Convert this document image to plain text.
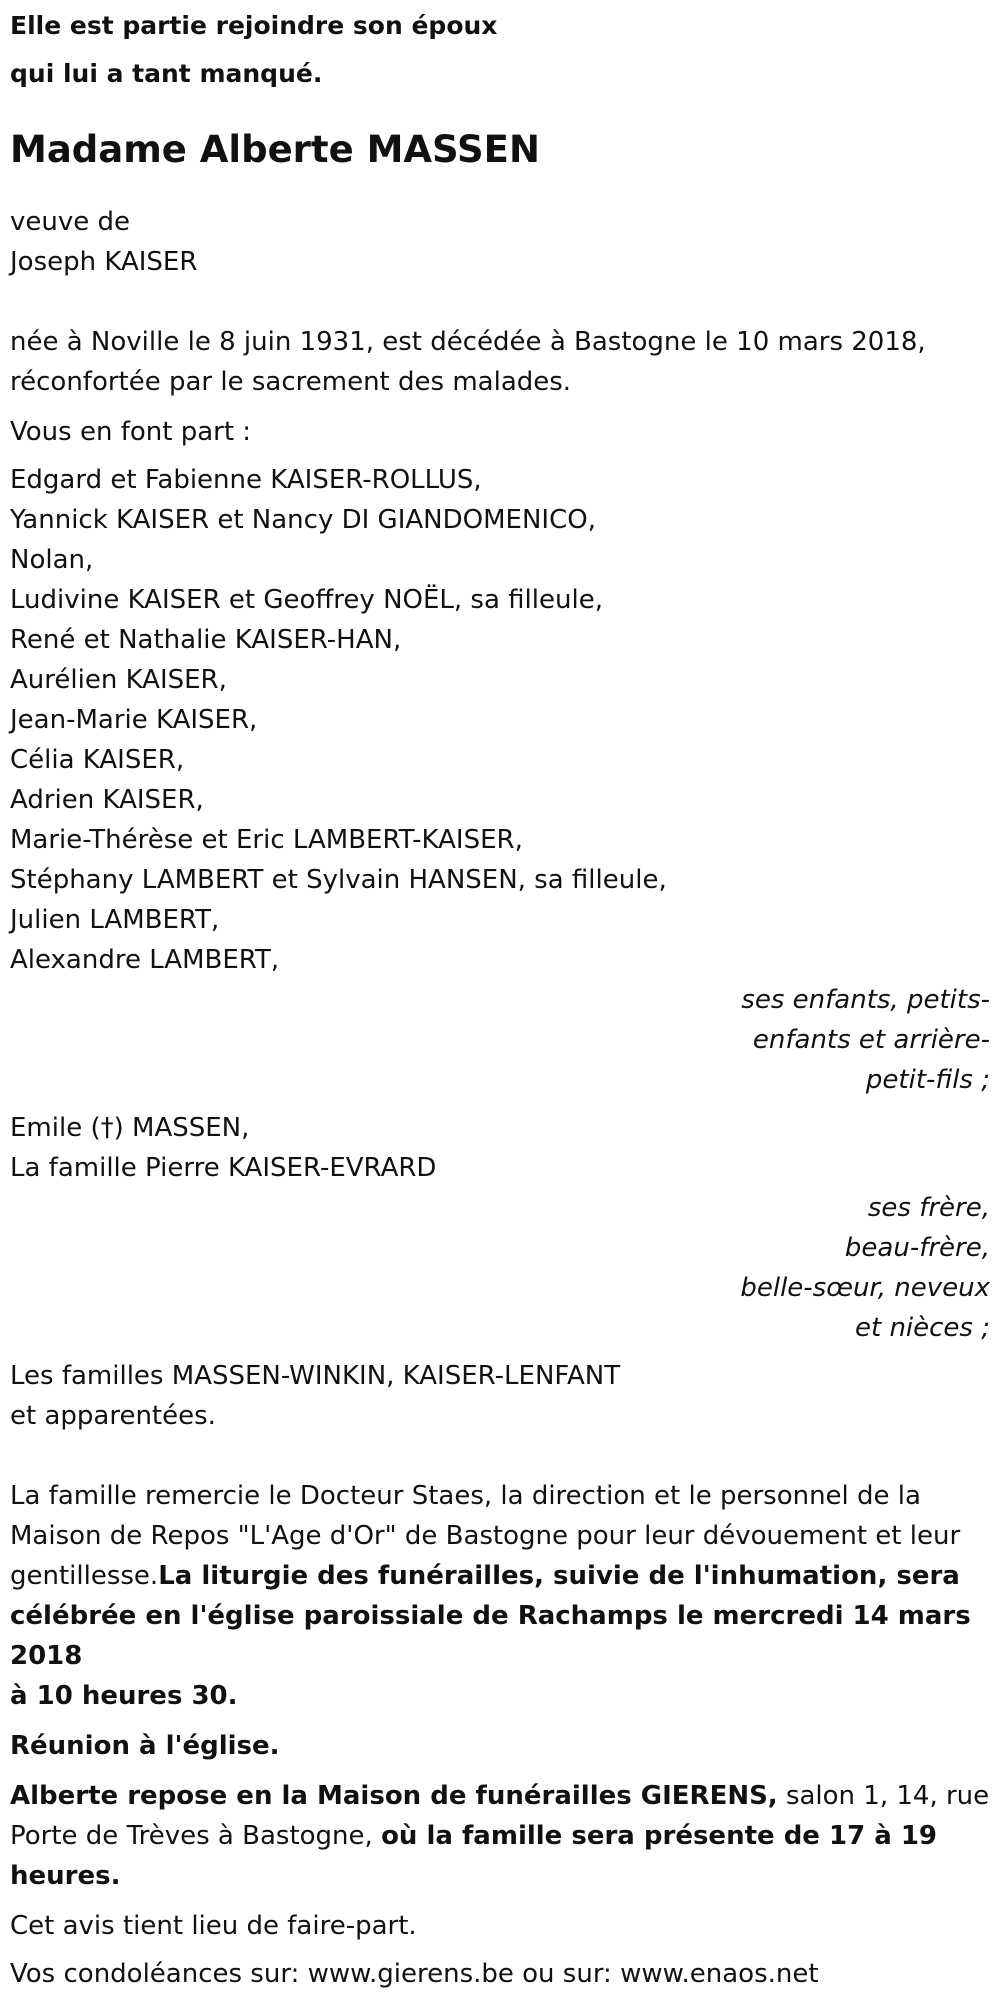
Elle est partie rejoindre son époux
qui lui a tant manqué.

Madame Alberte MASSEN

veuve de
Joseph KAISER

née à Noville le 8 juin 1931, est décédée à Bastogne le 10 mars 2018,
réconfortée par le sacrement des malades.

Vous en font part :

Edgard et Fabienne KAISER-ROLLUS,
Yannick KAISER et Nancy DI GIANDOMENICO,
Nolan,
Ludivine KAISER et Geoffrey NOËL, sa filleule,
René et Nathalie KAISER-HAN,
Aurélien KAISER,
Jean-Marie KAISER,
Célia KAISER,
Adrien KAISER,
Marie-Thérèse et Eric LAMBERT-KAISER,
Stéphany LAMBERT et Sylvain HANSEN, sa filleule,
Julien LAMBERT,
Alexandre LAMBERT,

ses enfants, petits-
enfants et arrière-
petit-fils ;

Emile (†) MASSEN,
La famille Pierre KAISER-EVRARD

ses frère,
beau-frère,
belle-sœur, neveux
et nièces ;

Les familles MASSEN-WINKIN, KAISER-LENFANT
et apparentées.

La famille remercie le Docteur Staes, la direction et le personnel de la
Maison de Repos "L'Age d'Or" de Bastogne pour leur dévouement et leur
gentillesse.La liturgie des funérailles, suivie de l'inhumation, sera
célébrée en l'église paroissiale de Rachamps le mercredi 14 mars 2018
à 10 heures 30.

Réunion à l'église.

Alberte repose en la Maison de funérailles GIERENS, salon 1, 14, rue
Porte de Trèves à Bastogne, où la famille sera présente de 17 à 19
heures.

Cet avis tient lieu de faire-part.

Vos condoléances sur: www.gierens.be ou sur: www.enaos.net
